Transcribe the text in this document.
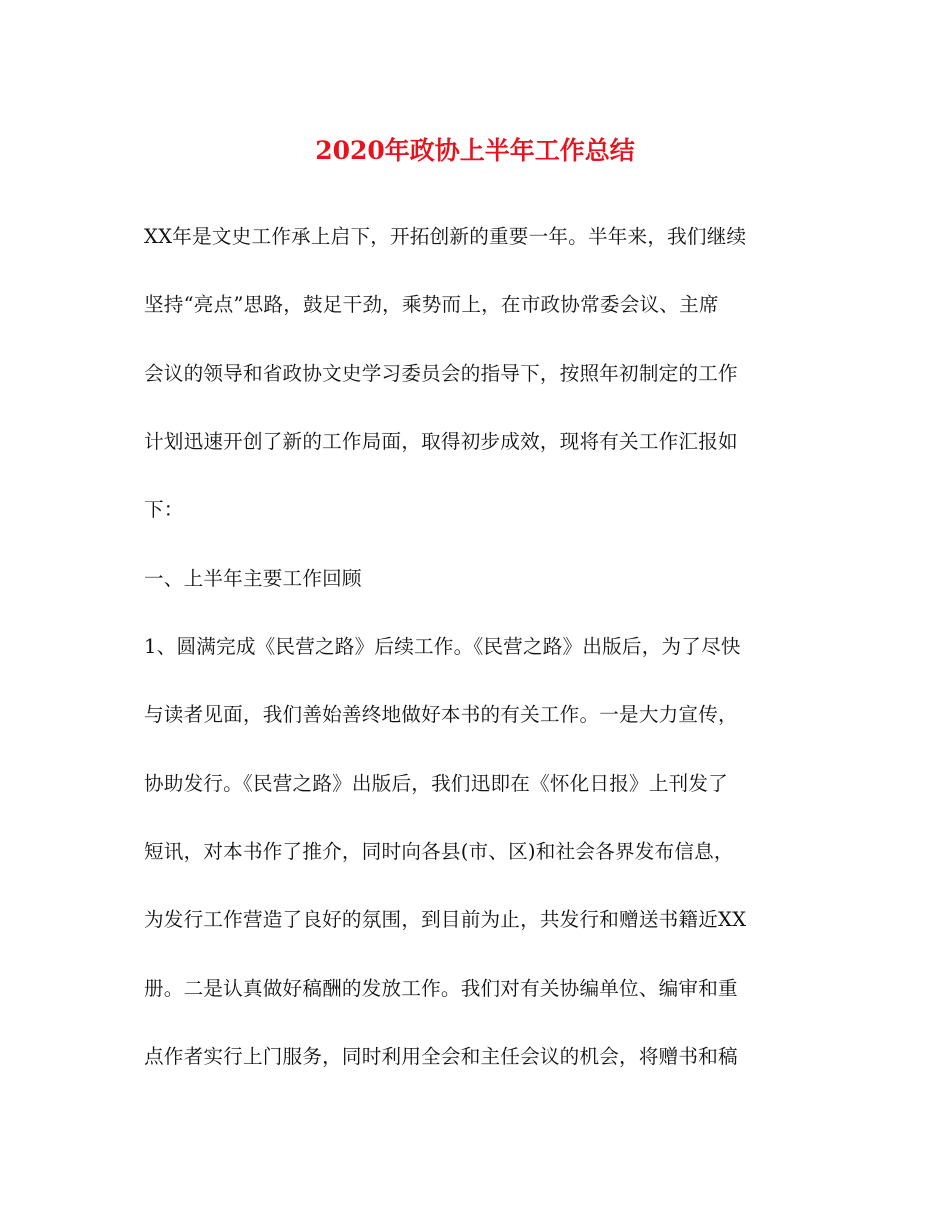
2020年政协上半年工作总结
XX年是文史工作承上启下，开拓创新的重要一年。半年来，我们继续
坚持“亮点”思路，鼓足干劲，乘势而上，在市政协常委会议、主席
会议的领导和省政协文史学习委员会的指导下，按照年初制定的工作
计划迅速开创了新的工作局面，取得初步成效，现将有关工作汇报如
下：
一、上半年主要工作回顾
1、圆满完成《民营之路》后续工作。《民营之路》出版后，为了尽快
与读者见面，我们善始善终地做好本书的有关工作。一是大力宣传，
协助发行。《民营之路》出版后，我们迅即在《怀化日报》上刊发了
短讯，对本书作了推介，同时向各县(市、区)和社会各界发布信息，
为发行工作营造了良好的氛围，到目前为止，共发行和赠送书籍近XX
册。二是认真做好稿酬的发放工作。我们对有关协编单位、编审和重
点作者实行上门服务，同时利用全会和主任会议的机会，将赠书和稿
